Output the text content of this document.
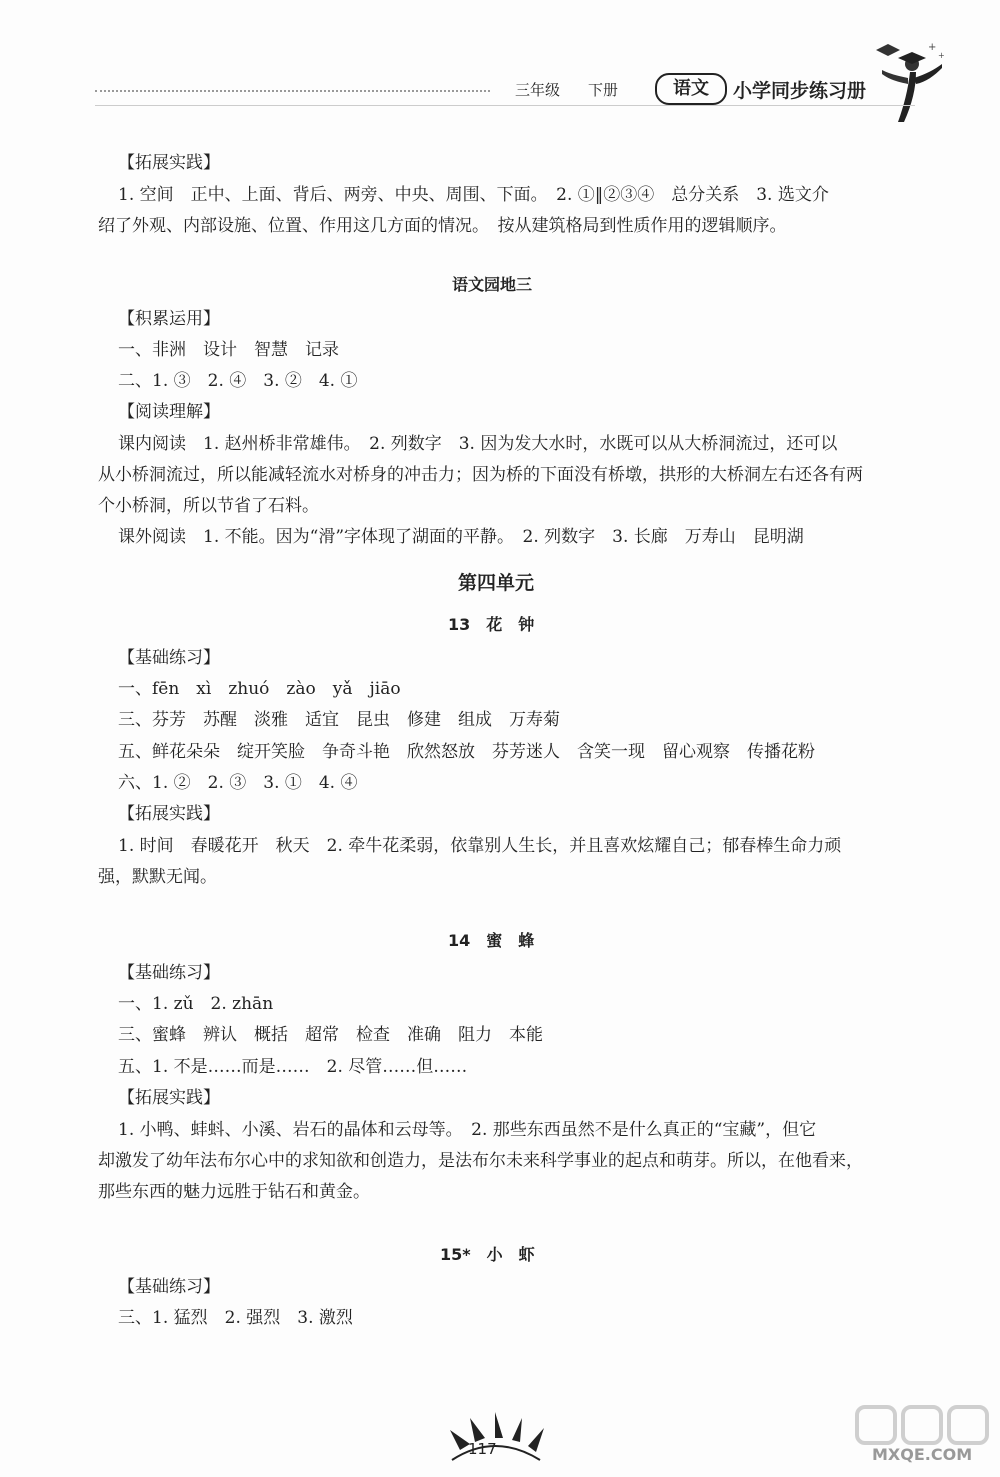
三年级 下册	语文	小学同步练习册
+
+
【拓展实践】
1. 空间　正中、上面、背后、两旁、中央、周围、下面。　2. ①‖②③④　总分关系　3. 选文介
绍了外观、内部设施、位置、作用这几方面的情况。　按从建筑格局到性质作用的逻辑顺序。
语文园地三
【积累运用】
一、非洲　设计　智慧　记录
二、1. ③　2. ④　3. ②　4. ①
【阅读理解】
课内阅读　1. 赵州桥非常雄伟。　2. 列数字　3. 因为发大水时，水既可以从大桥洞流过，还可以
从小桥洞流过，所以能减轻流水对桥身的冲击力；因为桥的下面没有桥墩，拱形的大桥洞左右还各有两
个小桥洞，所以节省了石料。
课外阅读　1. 不能。因为“滑”字体现了湖面的平静。　2. 列数字　3. 长廊　万寿山　昆明湖
第四单元
13　花　钟
【基础练习】
一、fēn　xì　zhuó　zào　yǎ　jiāo
三、芬芳　苏醒　淡雅　适宜　昆虫　修建　组成　万寿菊
五、鲜花朵朵　绽开笑脸　争奇斗艳　欣然怒放　芬芳迷人　含笑一现　留心观察　传播花粉
六、1. ②　2. ③　3. ①　4. ④
【拓展实践】
1. 时间　春暖花开　秋天　2. 牵牛花柔弱，依靠别人生长，并且喜欢炫耀自己；郁春棒生命力顽
强，默默无闻。
14　蜜　蜂
【基础练习】
一、1. zǔ　2. zhān
三、蜜蜂　辨认　概括　超常　检查　准确　阻力　本能
五、1. 不是……而是……　2. 尽管……但……
【拓展实践】
1. 小鸭、蚌蚪、小溪、岩石的晶体和云母等。　2. 那些东西虽然不是什么真正的“宝藏”，但它
却激发了幼年法布尔心中的求知欲和创造力，是法布尔未来科学事业的起点和萌芽。所以，在他看来，
那些东西的魅力远胜于钻石和黄金。
15*　小　虾
【基础练习】
三、1. 猛烈　2. 强烈　3. 激烈
117	MXQE.COM
